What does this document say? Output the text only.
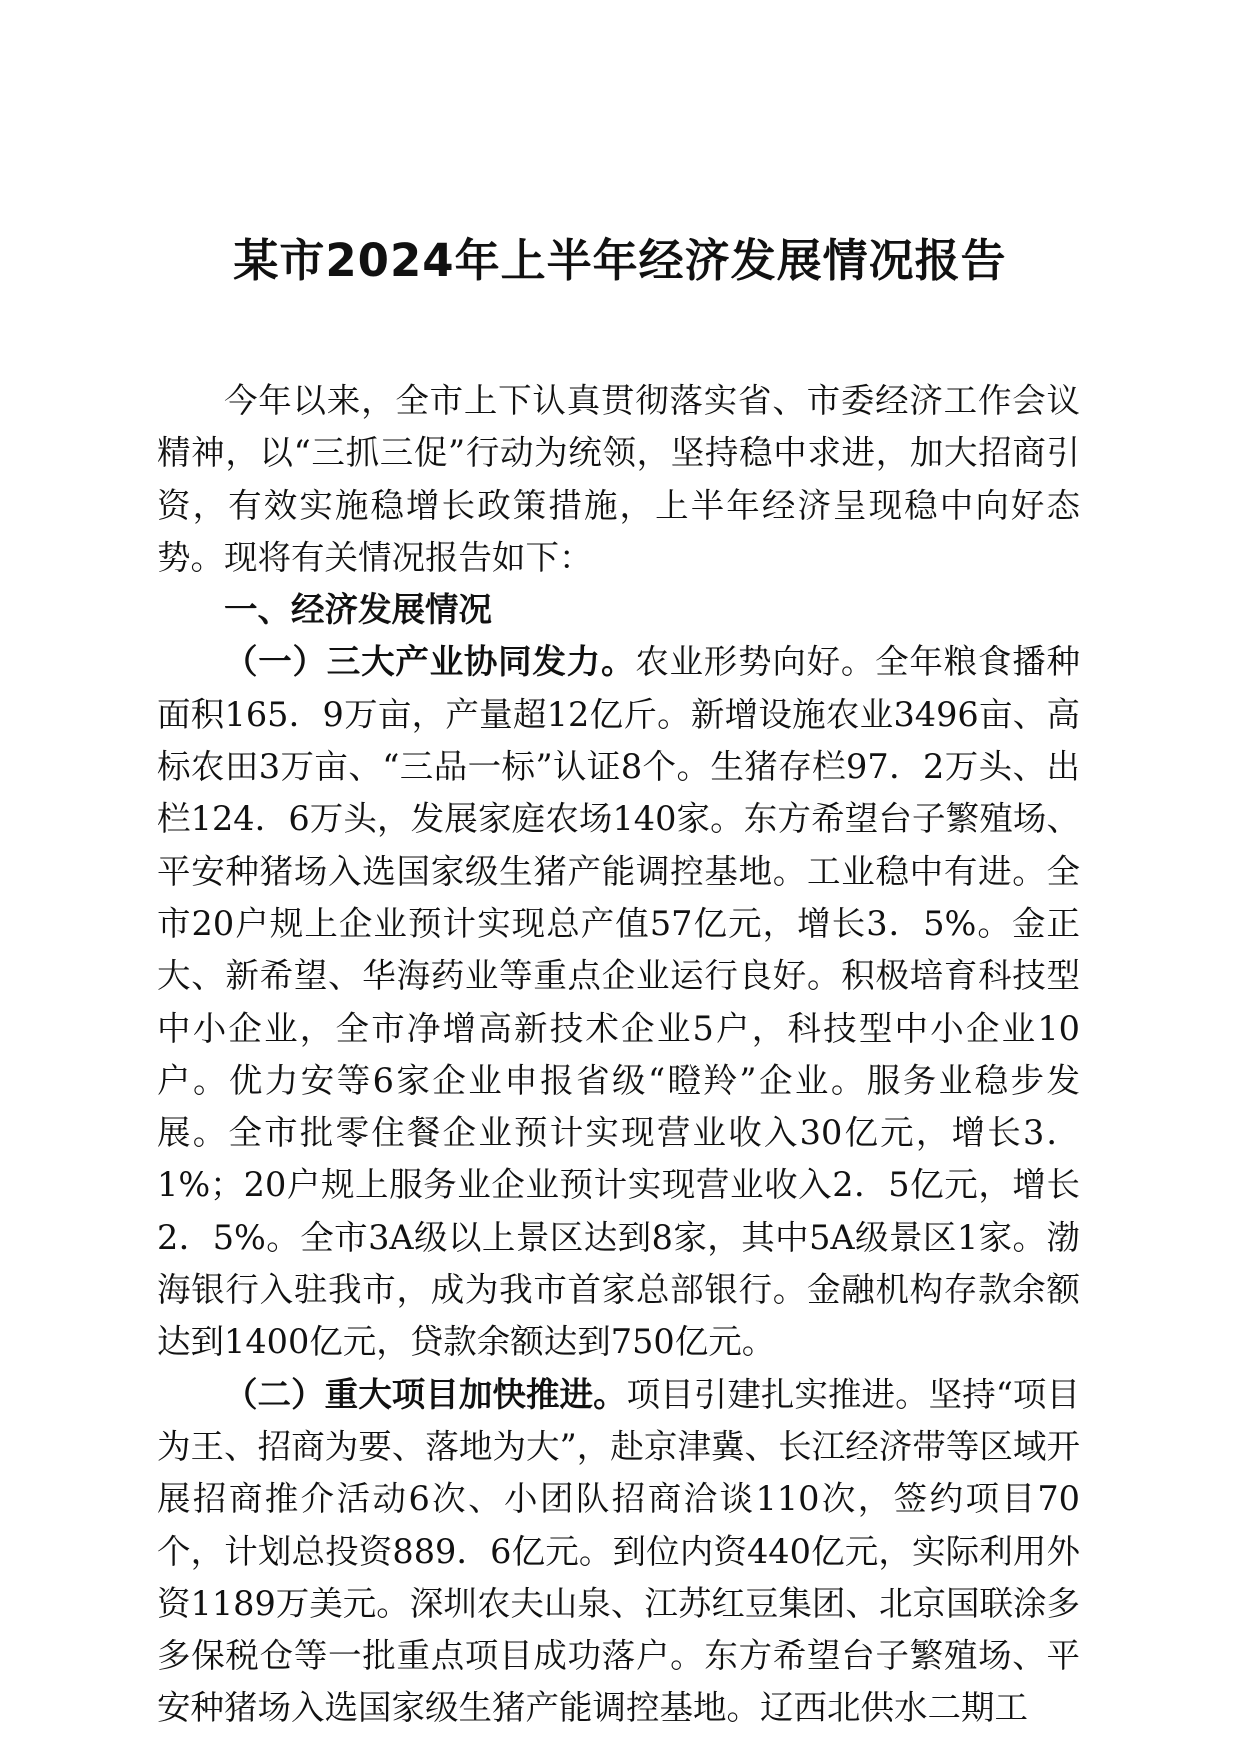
某市2024年上半年经济发展情况报告

今年以来，全市上下认真贯彻落实省、市委经济工作会议精神，以“三抓三促”行动为统领，坚持稳中求进，加大招商引资，有效实施稳增长政策措施，上半年经济呈现稳中向好态势。现将有关情况报告如下：

一、经济发展情况

（一）三大产业协同发力。农业形势向好。全年粮食播种面积165．9万亩，产量超12亿斤。新增设施农业3496亩、高标农田3万亩、“三品一标”认证8个。生猪存栏97．2万头、出栏124．6万头，发展家庭农场140家。东方希望台子繁殖场、平安种猪场入选国家级生猪产能调控基地。工业稳中有进。全市20户规上企业预计实现总产值57亿元，增长3．5%。金正大、新希望、华海药业等重点企业运行良好。积极培育科技型中小企业，全市净增高新技术企业5户，科技型中小企业10户。优力安等6家企业申报省级“瞪羚”企业。服务业稳步发展。全市批零住餐企业预计实现营业收入30亿元，增长3．1%；20户规上服务业企业预计实现营业收入2．5亿元，增长2．5%。全市3A级以上景区达到8家，其中5A级景区1家。渤海银行入驻我市，成为我市首家总部银行。金融机构存款余额达到1400亿元，贷款余额达到750亿元。

（二）重大项目加快推进。项目引建扎实推进。坚持“项目为王、招商为要、落地为大”，赴京津冀、长江经济带等区域开展招商推介活动6次、小团队招商洽谈110次，签约项目70个，计划总投资889．6亿元。到位内资440亿元，实际利用外资1189万美元。深圳农夫山泉、江苏红豆集团、北京国联涂多多保税仓等一批重点项目成功落户。东方希望台子繁殖场、平安种猪场入选国家级生猪产能调控基地。辽西北供水二期工
